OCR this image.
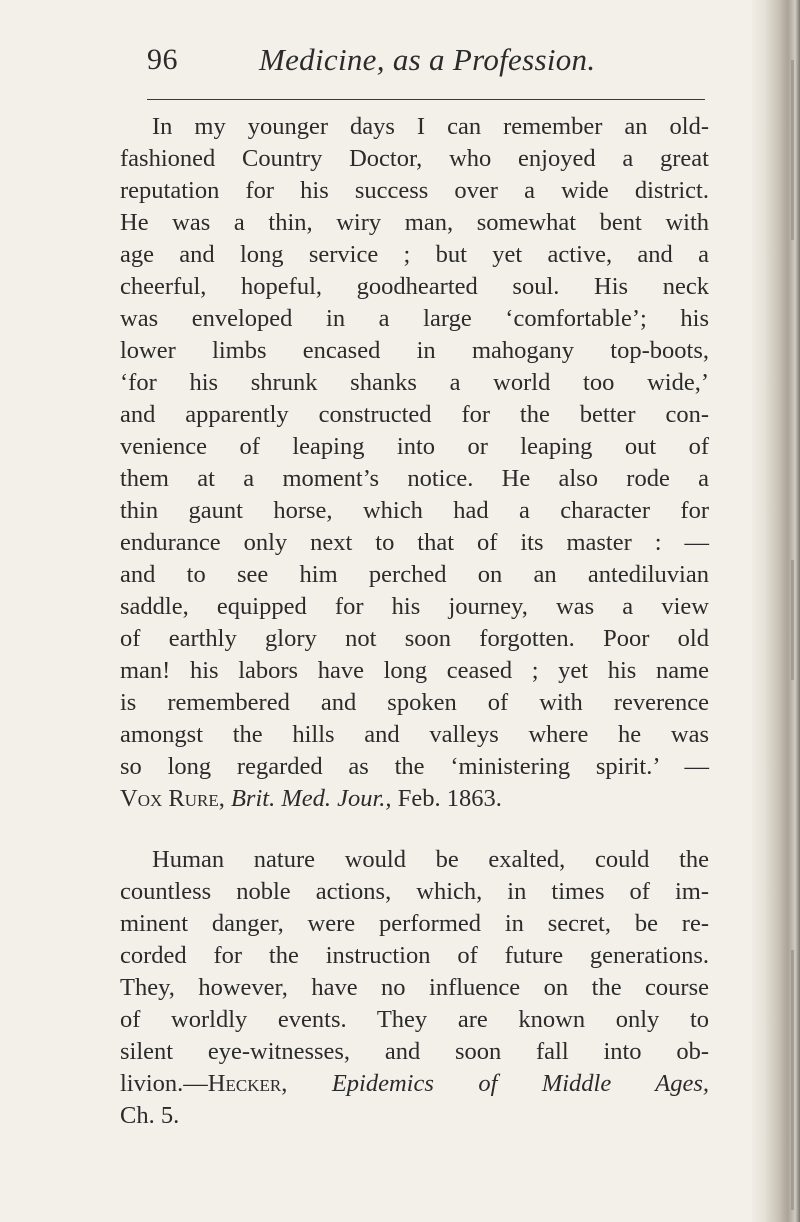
96	Medicine, as a Profession.
In my younger days I can remember an old-
fashioned Country Doctor, who enjoyed a great
reputation for his success over a wide district.
He was a thin, wiry man, somewhat bent with
age and long service ; but yet active, and a
cheerful, hopeful, goodhearted soul. His neck
was enveloped in a large ‘comfortable’; his
lower limbs encased in mahogany top-boots,
‘for his shrunk shanks a world too wide,’
and apparently constructed for the better con-
venience of leaping into or leaping out of
them at a moment’s notice. He also rode a
thin gaunt horse, which had a character for
endurance only next to that of its master : —
and to see him perched on an antediluvian
saddle, equipped for his journey, was a view
of earthly glory not soon forgotten. Poor old
man! his labors have long ceased ; yet his name
is remembered and spoken of with reverence
amongst the hills and valleys where he was
so long regarded as the ‘ministering spirit.’ —
Vox Rure, Brit. Med. Jour., Feb. 1863.
Human nature would be exalted, could the
countless noble actions, which, in times of im-
minent danger, were performed in secret, be re-
corded for the instruction of future generations.
They, however, have no influence on the course
of worldly events. They are known only to
silent eye-witnesses, and soon fall into ob-
livion.—Hecker, Epidemics of Middle Ages,
Ch. 5.
